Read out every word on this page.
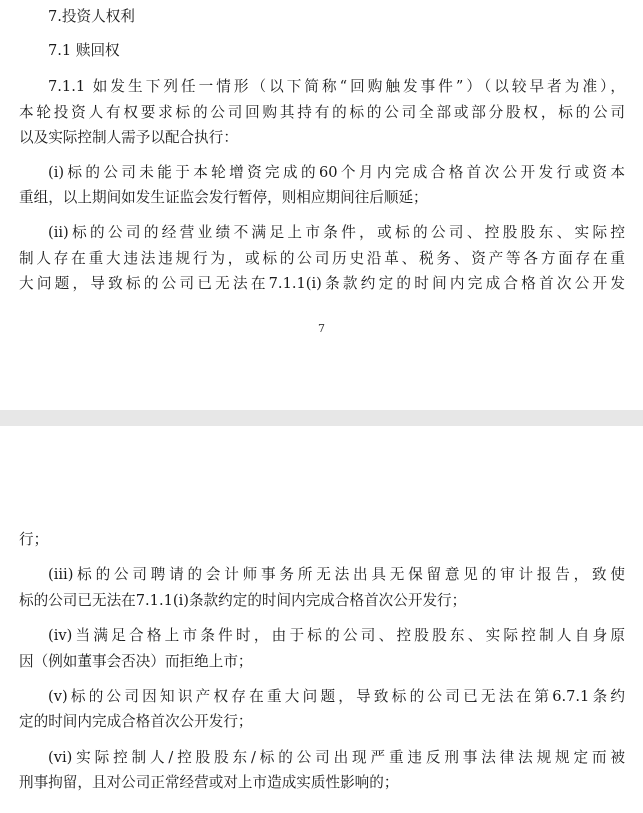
7.投资人权利
7.1 赎回权
7.1.1 如发生下列任一情形（以下简称“回购触发事件”）（以较早者为准），
本轮投资人有权要求标的公司回购其持有的标的公司全部或部分股权，标的公司
以及实际控制人需予以配合执行：
(i)标的公司未能于本轮增资完成的60个月内完成合格首次公开发行或资本
重组，以上期间如发生证监会发行暂停，则相应期间往后顺延；
(ii)标的公司的经营业绩不满足上市条件，或标的公司、控股股东、实际控
制人存在重大违法违规行为，或标的公司历史沿革、税务、资产等各方面存在重
大问题，导致标的公司已无法在7.1.1(i)条款约定的时间内完成合格首次公开发
7
行；
(iii)标的公司聘请的会计师事务所无法出具无保留意见的审计报告，致使
标的公司已无法在7.1.1(i)条款约定的时间内完成合格首次公开发行；
(iv)当满足合格上市条件时，由于标的公司、控股股东、实际控制人自身原
因（例如董事会否决）而拒绝上市；
(v)标的公司因知识产权存在重大问题，导致标的公司已无法在第6.7.1条约
定的时间内完成合格首次公开发行；
(vi)实际控制人/控股股东/标的公司出现严重违反刑事法律法规规定而被
刑事拘留，且对公司正常经营或对上市造成实质性影响的；
